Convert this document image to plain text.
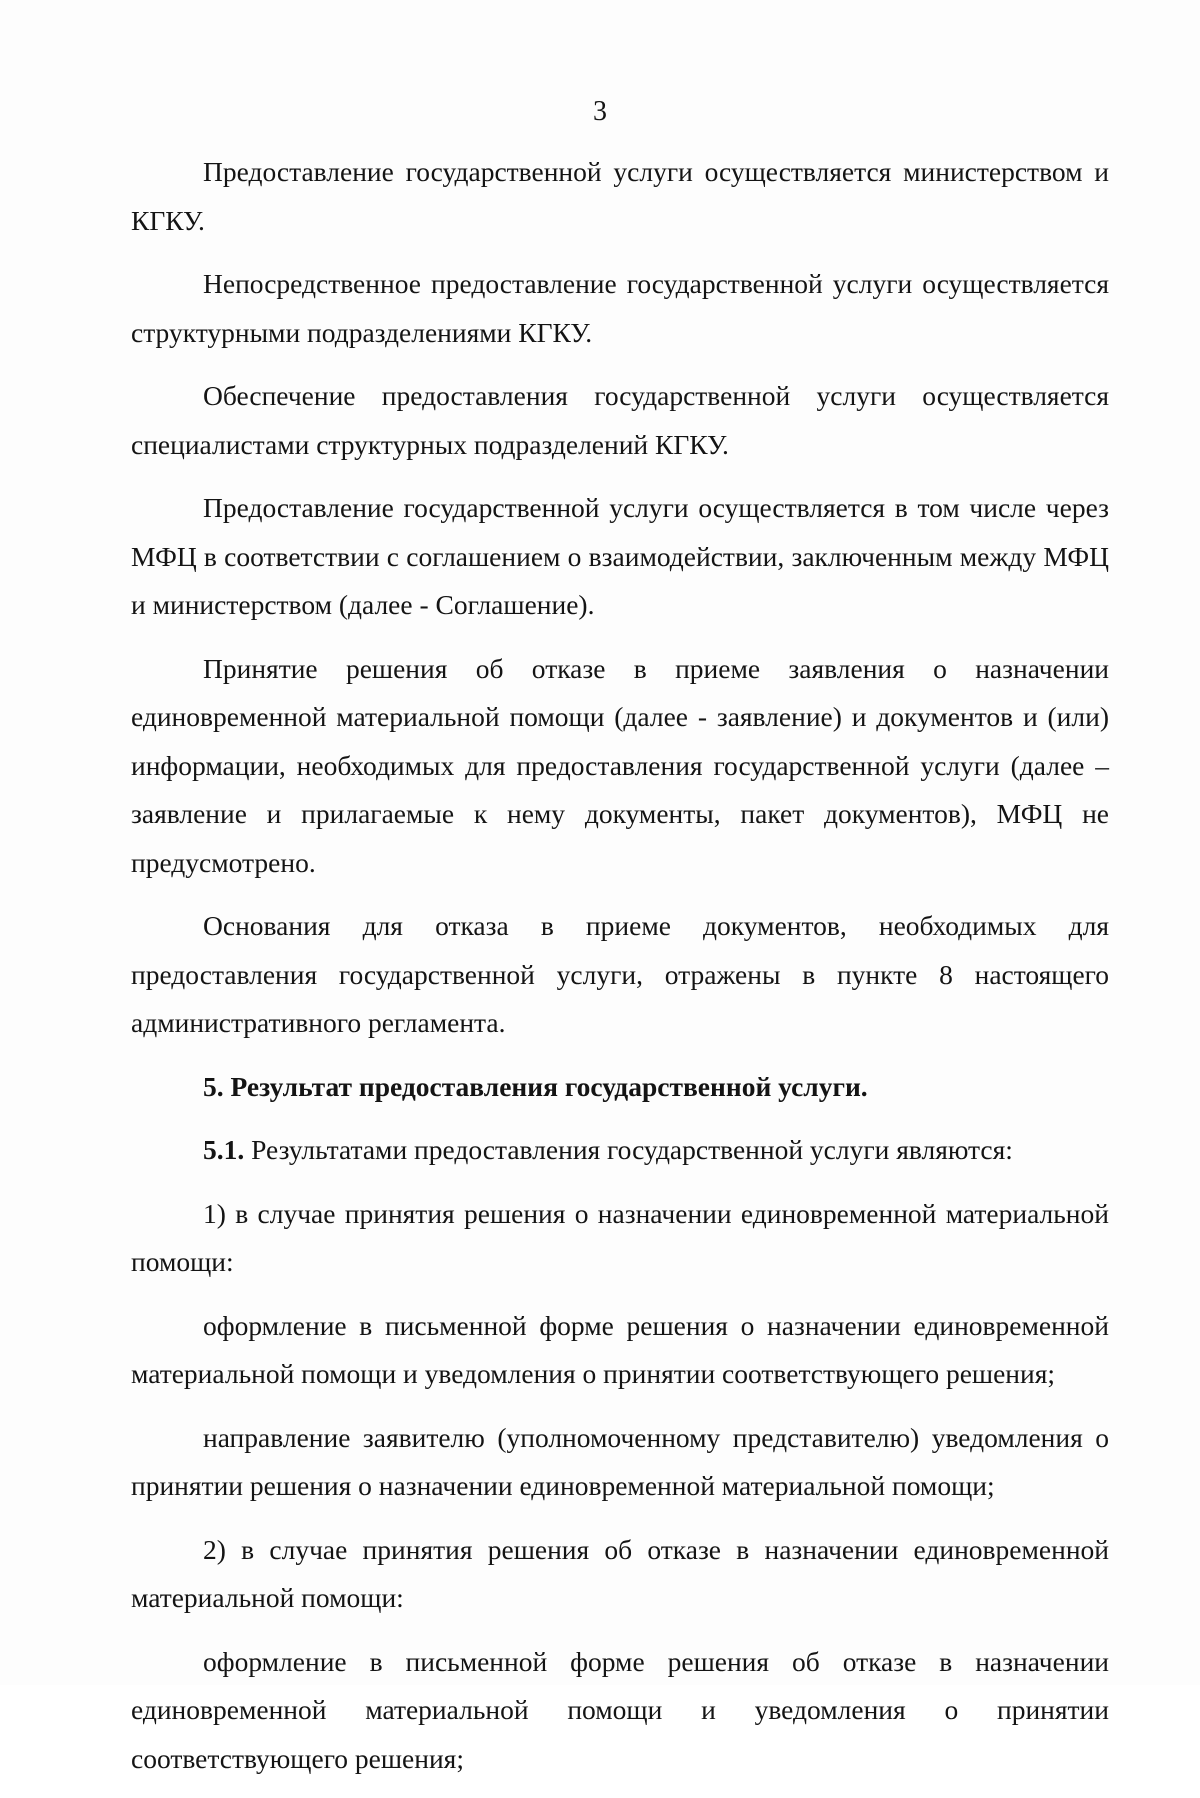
3

Предоставление государственной услуги осуществляется министерством и КГКУ.

Непосредственное предоставление государственной услуги осуществляется структурными подразделениями КГКУ.

Обеспечение предоставления государственной услуги осуществляется специалистами структурных подразделений КГКУ.

Предоставление государственной услуги осуществляется в том числе через МФЦ в соответствии с соглашением о взаимодействии, заключенным между МФЦ и министерством (далее - Соглашение).

Принятие решения об отказе в приеме заявления о назначении единовременной материальной помощи (далее - заявление) и документов и (или) информации, необходимых для предоставления государственной услуги (далее – заявление и прилагаемые к нему документы, пакет документов), МФЦ не предусмотрено.

Основания для отказа в приеме документов, необходимых для предоставления государственной услуги, отражены в пункте 8 настоящего административного регламента.

5. Результат предоставления государственной услуги.

5.1. Результатами предоставления государственной услуги являются:

1) в случае принятия решения о назначении единовременной материальной помощи:

оформление в письменной форме решения о назначении единовременной материальной помощи и уведомления о принятии соответствующего решения;

направление заявителю (уполномоченному представителю) уведомления о принятии решения о назначении единовременной материальной помощи;

2) в случае принятия решения об отказе в назначении единовременной материальной помощи:

оформление в письменной форме решения об отказе в назначении единовременной материальной помощи и уведомления о принятии соответствующего решения;
